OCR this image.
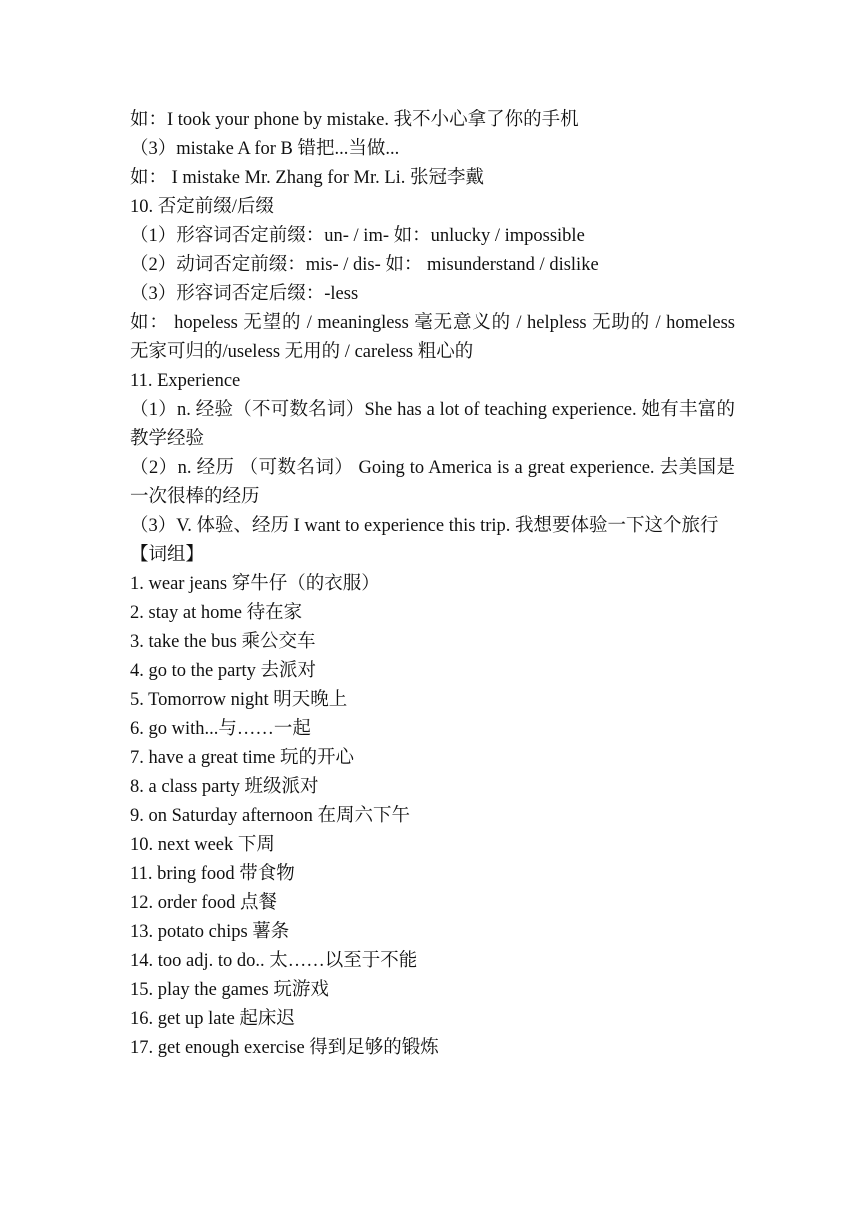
如：I took your phone by mistake. 我不小心拿了你的手机
（3）mistake A for B 错把...当做...
如： I mistake Mr. Zhang for Mr. Li. 张冠李戴
10. 否定前缀/后缀
（1）形容词否定前缀：un- / im- 如：unlucky / impossible
（2）动词否定前缀：mis- / dis- 如： misunderstand / dislike
（3）形容词否定后缀：-less
如： hopeless 无望的 / meaningless 毫无意义的 / helpless 无助的 / homeless 无家可归的/useless 无用的 / careless 粗心的
11. Experience
（1）n. 经验（不可数名词）She has a lot of teaching experience. 她有丰富的教学经验
（2）n. 经历 （可数名词） Going to America is a great experience. 去美国是一次很棒的经历
（3）V. 体验、经历 I want to experience this trip. 我想要体验一下这个旅行
【词组】
1. wear jeans 穿牛仔（的衣服）
2. stay at home 待在家
3. take the bus 乘公交车
4. go to the party 去派对
5. Tomorrow night 明天晚上
6. go with...与……一起
7. have a great time 玩的开心
8. a class party 班级派对
9. on Saturday afternoon 在周六下午
10. next week 下周
11. bring food 带食物
12. order food 点餐
13. potato chips 薯条
14. too adj. to do.. 太……以至于不能
15. play the games 玩游戏
16. get up late 起床迟
17. get enough exercise 得到足够的锻炼
